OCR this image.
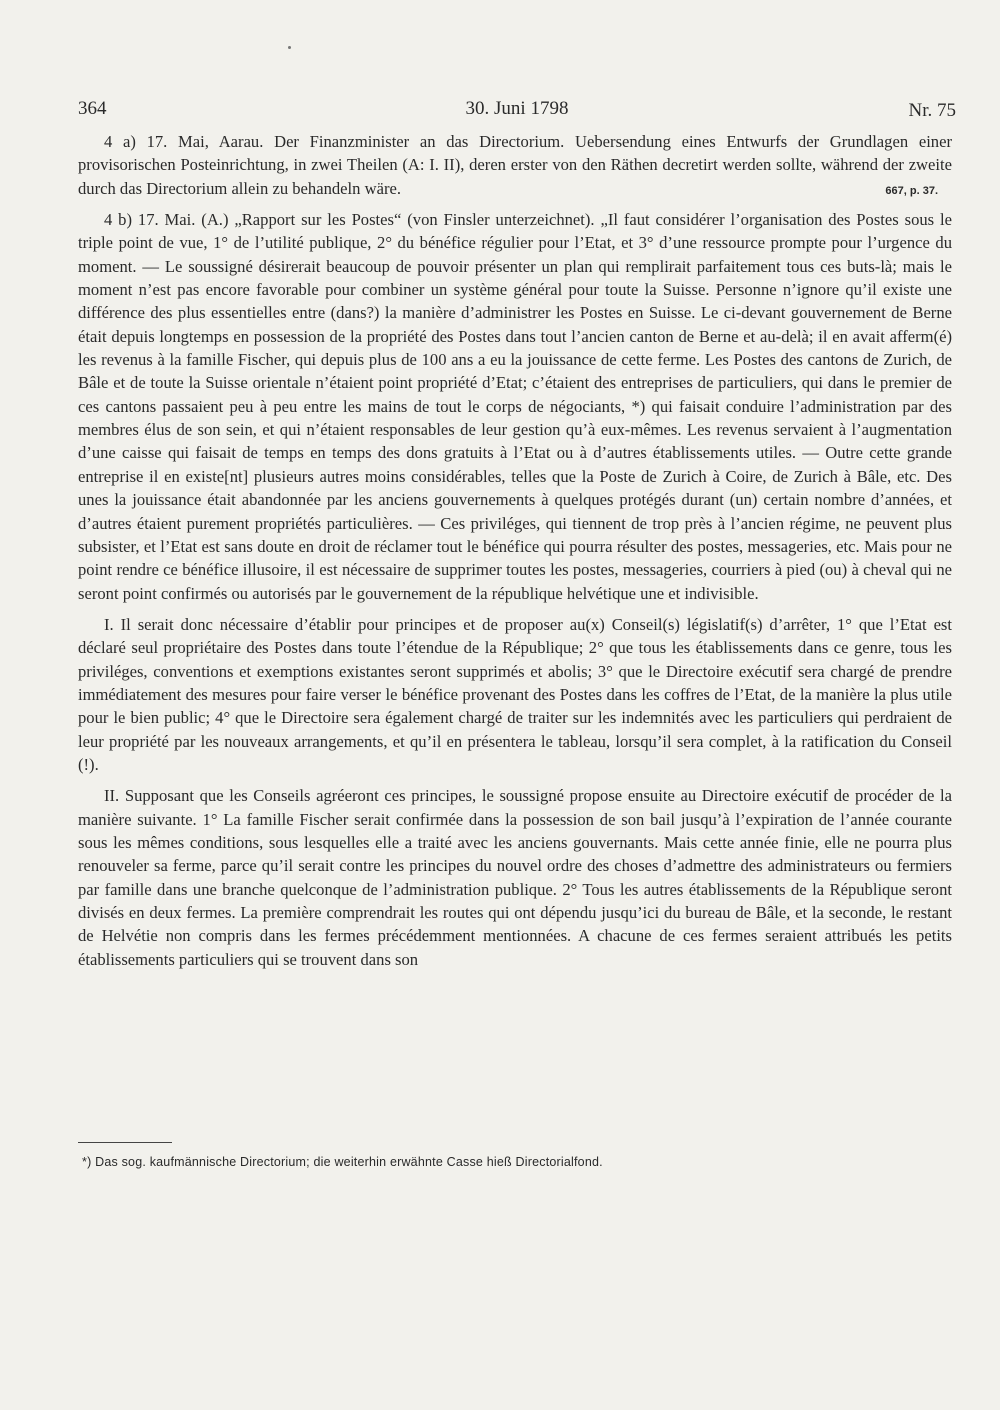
364	30. Juni 1798	Nr. 75

4 a) 17. Mai, Aarau. Der Finanzminister an das Directorium. Uebersendung eines Entwurfs der Grundlagen einer provisorischen Posteinrichtung, in zwei Theilen (A: I. II), deren erster von den Räthen decretirt werden sollte, während der zweite durch das Directorium allein zu behandeln wäre.	667, p. 37.

4 b) 17. Mai. (A.) „Rapport sur les Postes“ (von Finsler unterzeichnet). „Il faut considérer l’organisation des Postes sous le triple point de vue, 1° de l’utilité publique, 2° du bénéfice régulier pour l’Etat, et 3° d’une ressource prompte pour l’urgence du moment. — Le soussigné désirerait beaucoup de pouvoir présenter un plan qui remplirait parfaitement tous ces buts-là; mais le moment n’est pas encore favorable pour combiner un système général pour toute la Suisse. Personne n’ignore qu’il existe une différence des plus essentielles entre (dans?) la manière d’administrer les Postes en Suisse. Le ci-devant gouvernement de Berne était depuis longtemps en possession de la propriété des Postes dans tout l’ancien canton de Berne et au-delà; il en avait afferm(é) les revenus à la famille Fischer, qui depuis plus de 100 ans a eu la jouissance de cette ferme. Les Postes des cantons de Zurich, de Bâle et de toute la Suisse orientale n’étaient point propriété d’Etat; c’étaient des entreprises de particuliers, qui dans le premier de ces cantons passaient peu à peu entre les mains de tout le corps de négociants, *) qui faisait conduire l’administration par des membres élus de son sein, et qui n’étaient responsables de leur gestion qu’à eux-mêmes. Les revenus servaient à l’augmentation d’une caisse qui faisait de temps en temps des dons gratuits à l’Etat ou à d’autres établissements utiles. — Outre cette grande entreprise il en existe[nt] plusieurs autres moins considérables, telles que la Poste de Zurich à Coire, de Zurich à Bâle, etc. Des unes la jouissance était abandonnée par les anciens gouvernements à quelques protégés durant (un) certain nombre d’années, et d’autres étaient purement propriétés particulières. — Ces priviléges, qui tiennent de trop près à l’ancien régime, ne peuvent plus subsister, et l’Etat est sans doute en droit de réclamer tout le bénéfice qui pourra résulter des postes, messageries, etc. Mais pour ne point rendre ce bénéfice illusoire, il est nécessaire de supprimer toutes les postes, messageries, courriers à pied (ou) à cheval qui ne seront point confirmés ou autorisés par le gouvernement de la république helvétique une et indivisible.

I. Il serait donc nécessaire d’établir pour principes et de proposer au(x) Conseil(s) législatif(s) d’arrêter, 1° que l’Etat est déclaré seul propriétaire des Postes dans toute l’étendue de la République; 2° que tous les établissements dans ce genre, tous les priviléges, conventions et exemptions existantes seront supprimés et abolis; 3° que le Directoire exécutif sera chargé de prendre immédiatement des mesures pour faire verser le bénéfice provenant des Postes dans les coffres de l’Etat, de la manière la plus utile pour le bien public; 4° que le Directoire sera également chargé de traiter sur les indemnités avec les particuliers qui perdraient de leur propriété par les nouveaux arrangements, et qu’il en présentera le tableau, lorsqu’il sera complet, à la ratification du Conseil (!).

II. Supposant que les Conseils agréeront ces principes, le soussigné propose ensuite au Directoire exécutif de procéder de la manière suivante. 1° La famille Fischer serait confirmée dans la possession de son bail jusqu’à l’expiration de l’année courante sous les mêmes conditions, sous lesquelles elle a traité avec les anciens gouvernants. Mais cette année finie, elle ne pourra plus renouveler sa ferme, parce qu’il serait contre les principes du nouvel ordre des choses d’admettre des administrateurs ou fermiers par famille dans une branche quelconque de l’administration publique. 2° Tous les autres établissements de la République seront divisés en deux fermes. La première comprendrait les routes qui ont dépendu jusqu’ici du bureau de Bâle, et la seconde, le restant de Helvétie non compris dans les fermes précédemment mentionnées. A chacune de ces fermes seraient attribués les petits établissements particuliers qui se trouvent dans son

*) Das sog. kaufmännische Directorium; die weiterhin erwähnte Casse hieß Directorialfond.
